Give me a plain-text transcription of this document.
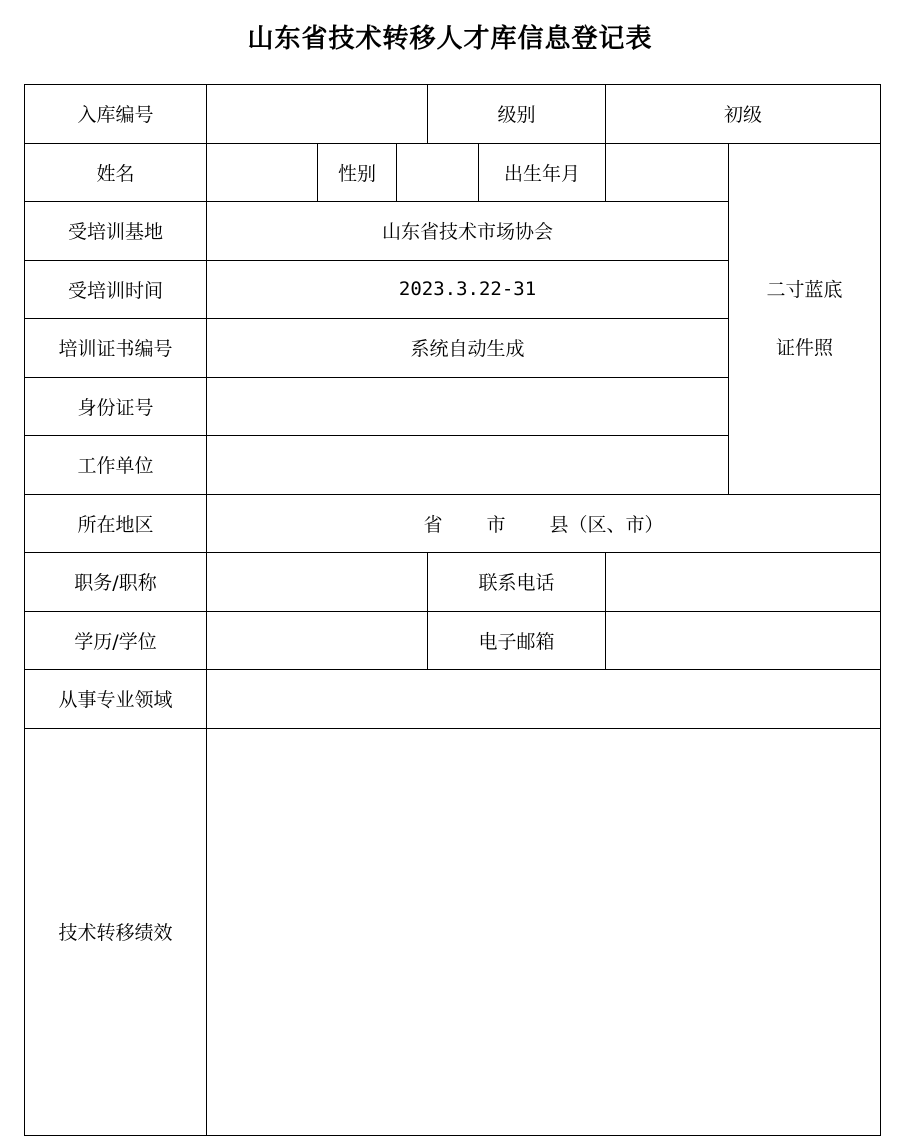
山东省技术转移人才库信息登记表
入库编号				级别		初级	
姓名		性别			出生年月		二寸蓝底
证件照

受培训基地	山东省技术市场协会						
受培训时间	2023.3.22-31						
培训证书编号	系统自动生成						
身份证号							
工作单位							
所在地区	省 市 县（区、市）						
职务/职称				联系电话			
学历/学位				电子邮箱			
从事专业领域							
技术转移绩效							
